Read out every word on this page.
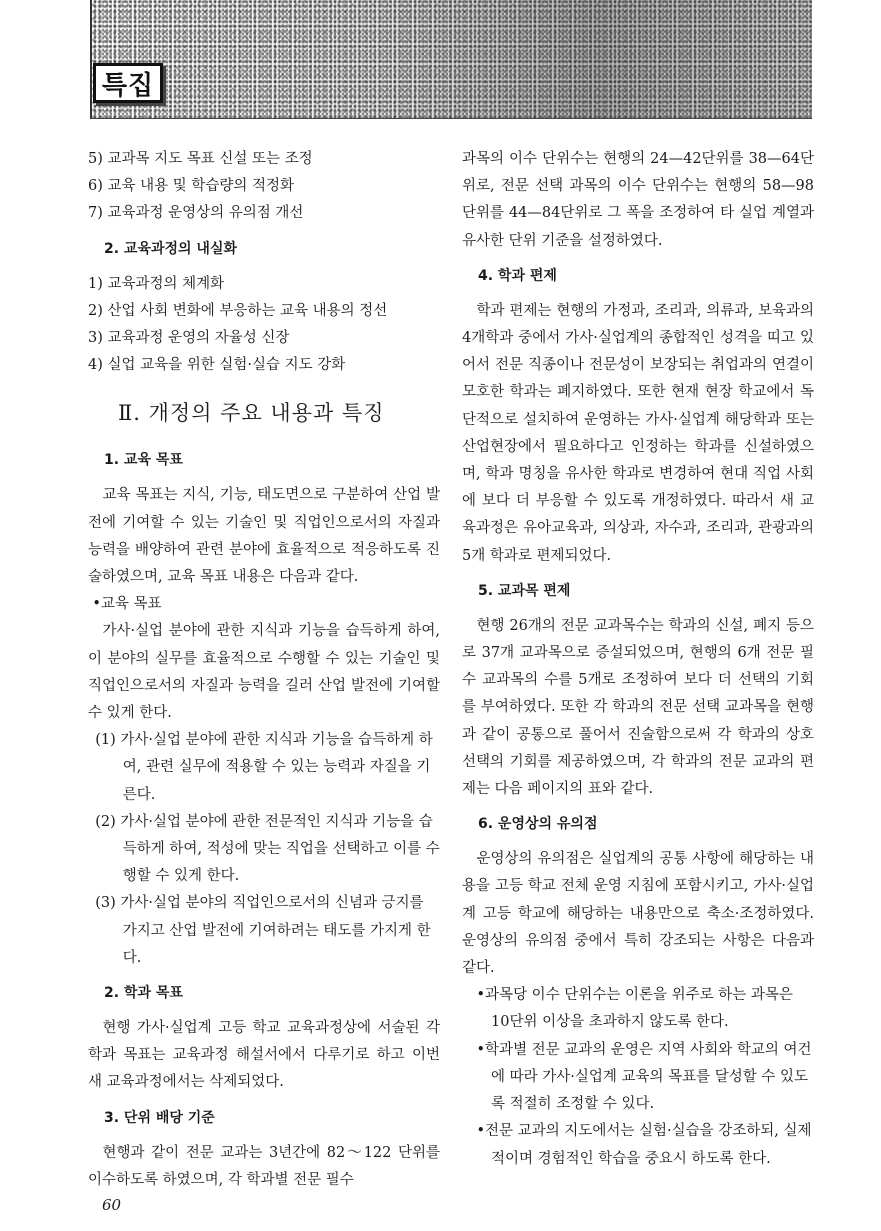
특집

5) 교과목 지도 목표 신설 또는 조정

6) 교육 내용 및 학습량의 적정화

7) 교육과정 운영상의 유의점 개선

2. 교육과정의 내실화

1) 교육과정의 체계화

2) 산업 사회 변화에 부응하는 교육 내용의 정선

3) 교육과정 운영의 자율성 신장

4) 실업 교육을 위한 실험·실습 지도 강화

Ⅱ. 개정의 주요 내용과 특징

1. 교육 목표

교육 목표는 지식, 기능, 태도면으로 구분하여 산업 발전에 기여할 수 있는 기술인 및 직업인으로서의 자질과 능력을 배양하여 관련 분야에 효율적으로 적응하도록 진술하였으며, 교육 목표 내용은 다음과 같다.

•교육 목표

가사·실업 분야에 관한 지식과 기능을 습득하게 하여, 이 분야의 실무를 효율적으로 수행할 수 있는 기술인 및 직업인으로서의 자질과 능력을 길러 산업 발전에 기여할 수 있게 한다.

(1) 가사·실업 분야에 관한 지식과 기능을 습득하게 하여, 관련 실무에 적용할 수 있는 능력과 자질을 기른다.

(2) 가사·실업 분야에 관한 전문적인 지식과 기능을 습득하게 하여, 적성에 맞는 직업을 선택하고 이를 수행할 수 있게 한다.

(3) 가사·실업 분야의 직업인으로서의 신념과 긍지를 가지고 산업 발전에 기여하려는 태도를 가지게 한다.

2. 학과 목표

현행 가사·실업계 고등 학교 교육과정상에 서술된 각 학과 목표는 교육과정 해설서에서 다루기로 하고 이번 새 교육과정에서는 삭제되었다.

3. 단위 배당 기준

현행과 같이 전문 교과는 3년간에 82～122 단위를 이수하도록 하였으며, 각 학과별 전문 필수

과목의 이수 단위수는 현행의 24—42단위를 38—64단위로, 전문 선택 과목의 이수 단위수는 현행의 58—98단위를 44—84단위로 그 폭을 조정하여 타 실업 계열과 유사한 단위 기준을 설정하였다.

4. 학과 편제

학과 편제는 현행의 가정과, 조리과, 의류과, 보육과의 4개학과 중에서 가사·실업계의 종합적인 성격을 띠고 있어서 전문 직종이나 전문성이 보장되는 취업과의 연결이 모호한 학과는 폐지하였다. 또한 현재 현장 학교에서 독단적으로 설치하여 운영하는 가사·실업계 해당학과 또는 산업현장에서 필요하다고 인정하는 학과를 신설하였으며, 학과 명칭을 유사한 학과로 변경하여 현대 직업 사회에 보다 더 부응할 수 있도록 개정하였다. 따라서 새 교육과정은 유아교육과, 의상과, 자수과, 조리과, 관광과의 5개 학과로 편제되었다.

5. 교과목 편제

현행 26개의 전문 교과목수는 학과의 신설, 폐지 등으로 37개 교과목으로 증설되었으며, 현행의 6개 전문 필수 교과목의 수를 5개로 조정하여 보다 더 선택의 기회를 부여하였다. 또한 각 학과의 전문 선택 교과목을 현행과 같이 공통으로 풀어서 진술함으로써 각 학과의 상호 선택의 기회를 제공하였으며, 각 학과의 전문 교과의 편제는 다음 페이지의 표와 같다.

6. 운영상의 유의점

운영상의 유의점은 실업계의 공통 사항에 해당하는 내용을 고등 학교 전체 운영 지침에 포함시키고, 가사·실업계 고등 학교에 해당하는 내용만으로 축소·조정하였다. 운영상의 유의점 중에서 특히 강조되는 사항은 다음과 같다.

•과목당 이수 단위수는 이론을 위주로 하는 과목은 10단위 이상을 초과하지 않도록 한다.

•학과별 전문 교과의 운영은 지역 사회와 학교의 여건에 따라 가사·실업계 교육의 목표를 달성할 수 있도록 적절히 조정할 수 있다.

•전문 교과의 지도에서는 실험·실습을 강조하되, 실제적이며 경험적인 학습을 중요시 하도록 한다.

60
